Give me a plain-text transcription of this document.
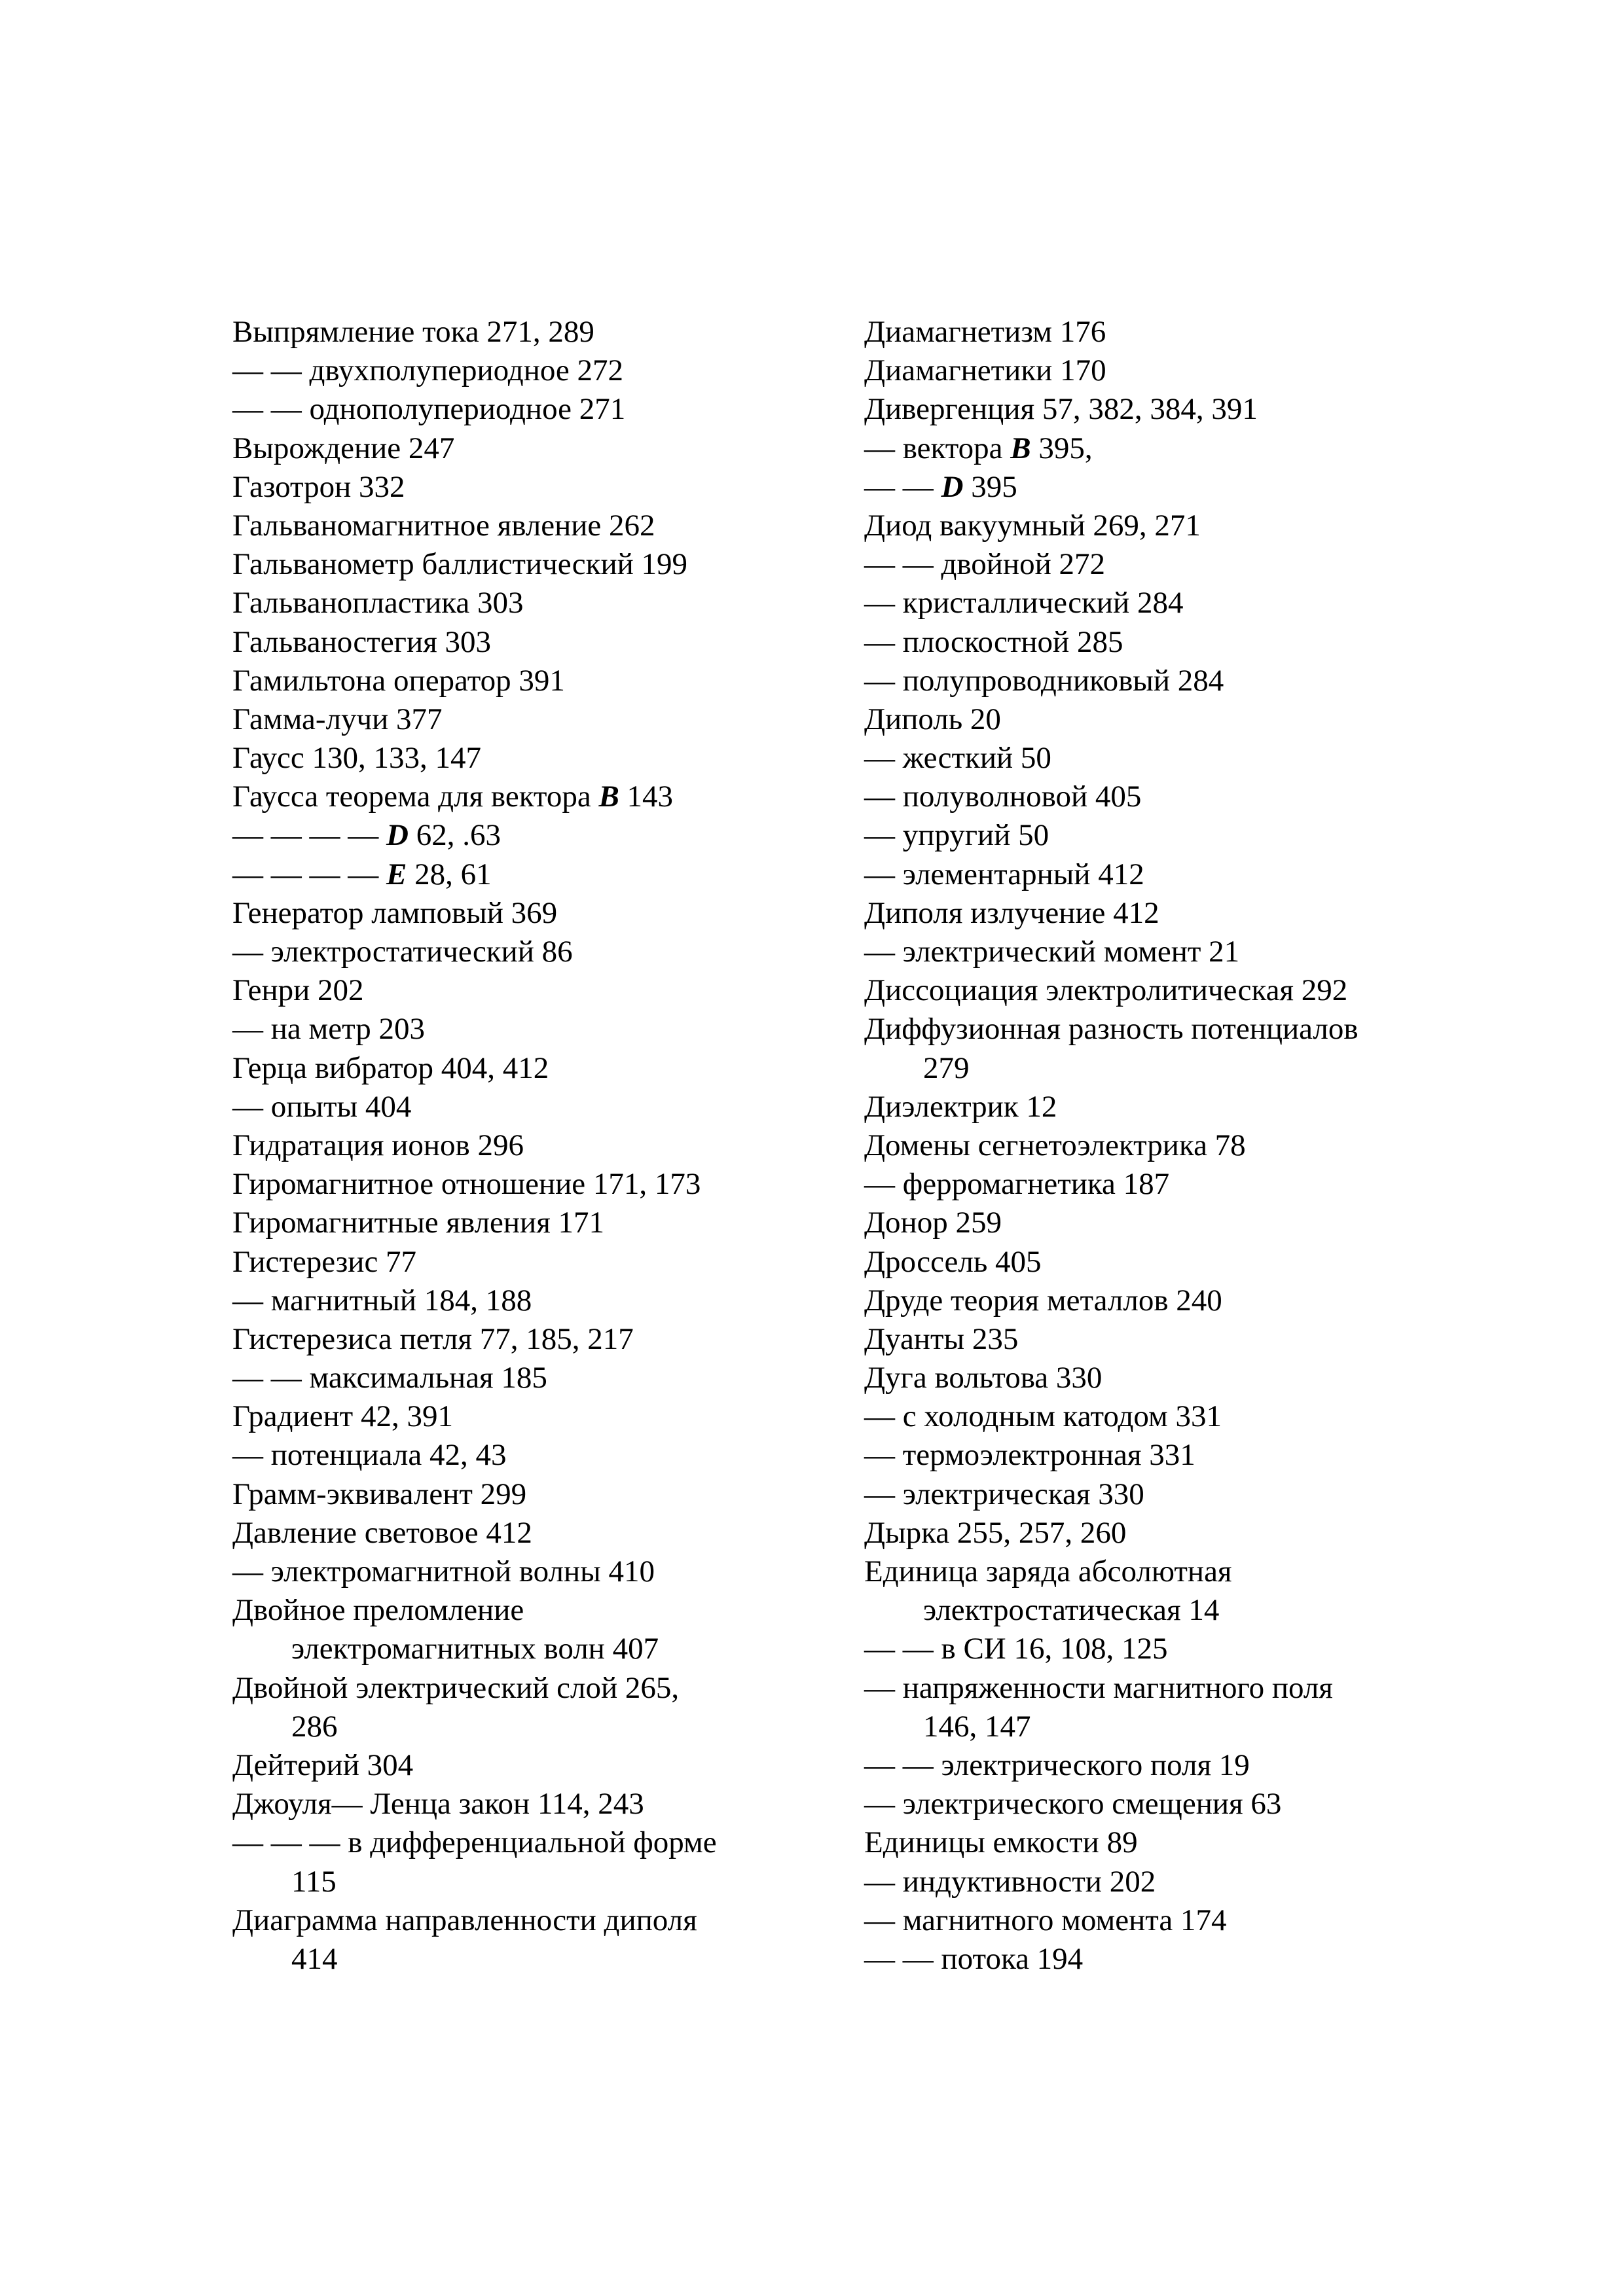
Выпрямление тока 271, 289
— — двухполупериодное 272
— — однополупериодное 271
Вырождение 247
Газотрон 332
Гальваномагнитное явление 262
Гальванометр баллистический 199
Гальванопластика 303
Гальваностегия 303
Гамильтона оператор 391
Гамма-лучи 377
Гаусс 130, 133, 147
Гаусса теорема для вектора B 143
— — — — D 62, .63
— — — — E 28, 61
Генератор ламповый 369
— электростатический 86
Генри 202
— на метр 203
Герца вибратор 404, 412
— опыты 404
Гидратация ионов 296
Гиромагнитное отношение 171, 173
Гиромагнитные явления 171
Гистерезис 77
— магнитный 184, 188
Гистерезиса петля 77, 185, 217
— — максимальная 185
Градиент 42, 391
— потенциала 42, 43
Грамм-эквивалент 299
Давление световое 412
— электромагнитной волны 410
Двойное преломление
электромагнитных волн 407
Двойной электрический слой 265,
286
Дейтерий 304
Джоуля— Ленца закон 114, 243
— — — в дифференциальной форме
115
Диаграмма направленности диполя
414
Диамагнетизм 176
Диамагнетики 170
Дивергенция 57, 382, 384, 391
— вектора B 395,
— — D 395
Диод вакуумный 269, 271
— — двойной 272
— кристаллический 284
— плоскостной 285
— полупроводниковый 284
Диполь 20
— жесткий 50
— полуволновой 405
— упругий 50
— элементарный 412
Диполя излучение 412
— электрический момент 21
Диссоциация электролитическая 292
Диффузионная разность потенциалов
279
Диэлектрик 12
Домены сегнетоэлектрика 78
— ферромагнетика 187
Донор 259
Дроссель 405
Друде теория металлов 240
Дуанты 235
Дуга вольтова 330
— с холодным катодом 331
— термоэлектронная 331
— электрическая 330
Дырка 255, 257, 260
Единица заряда абсолютная
электростатическая 14
— — в СИ 16, 108, 125
— напряженности магнитного поля
146, 147
— — электрического поля 19
— электрического смещения 63
Единицы емкости 89
— индуктивности 202
— магнитного момента 174
— — потока 194
